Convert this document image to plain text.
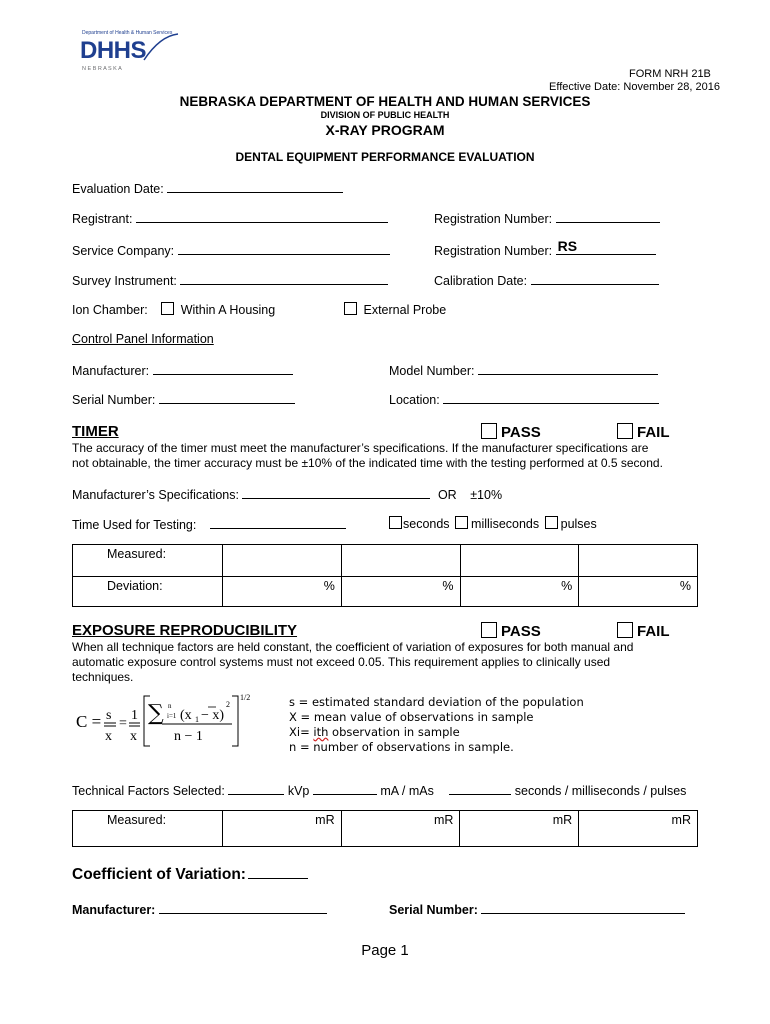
Department of Health & Human Services
DHHS
N E B R A S K A	FORM NRH 21B
Effective Date: November 28, 2016
NEBRASKA DEPARTMENT OF HEALTH AND HUMAN SERVICES
DIVISION OF PUBLIC HEALTH
X-RAY PROGRAM
DENTAL EQUIPMENT PERFORMANCE EVALUATION
Evaluation Date:
Registrant:	Registration Number:
Service Company:	Registration Number: RS
Survey Instrument:	Calibration Date:
Ion Chamber:	Within A Housing	External Probe
Control Panel Information
Manufacturer:	Model Number:
Serial Number:	Location:
TIMER	PASS	FAIL
The accuracy of the timer must meet the manufacturer’s specifications. If the manufacturer specifications are
not obtainable, the timer accuracy must be ±10% of the indicated time with the testing performed at 0.5 second.
Manufacturer’s Specifications:	OR ±10%
Time Used for Testing:	seconds milliseconds pulses
Measured:				
Deviation:	%	%	%	%
EXPOSURE REPRODUCIBILITY	PASS	FAIL
When all technique factors are held constant, the coefficient of variation of exposures for both manual and
automatic exposure control systems must not exceed 0.05. This requirement applies to clinically used
techniques.
C = s
x
=
1
x
∑ n
i=1 (x 1 − x)
2
n − 1
1/2	s = estimated standard deviation of the population
X = mean value of observations in sample
Xi= ith observation in sample
n = number of observations in sample.
Technical Factors Selected:	kVp	mA / mAs	seconds / milliseconds / pulses
Measured:	mR	mR	mR	mR
Coefficient of Variation:
Manufacturer:	Serial Number:
Page 1
